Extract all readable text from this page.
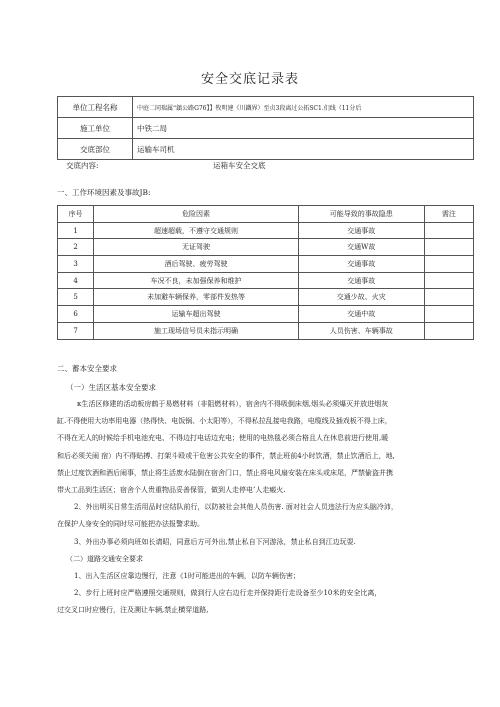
安全交底记录表
单位工程名称	中庭二同瑞属“鎮公路G76】】牧明建《川鐵界）至贞3段离过公拓SC1.们线（11分后
施工单位	中铁二局
交底部位	运输车司机
交底内容:	运箱车安全交底
一、工作环境因素及事故JB:
序号	危险因素	可能导致的事故隐患	需注
1	超速超载，不遵守交通规则	交通事故	
2	无证驾驶	交通W故	
3	酒后驾驶、疲劳驾驶	交通事故	
4	车况不良，未加强保养和维护	交通事故	
5	未加避车辆保养，零部件发热等	交通少故、火灾	
6	运输车超出驾驶	交通中故	
7	施工现场信号员未指示明确	人员伤害、车辆事故	
二、蓄本安全要求
（一）生活区基本安全要求
κ生活区修建的活动板房鹤于易燃材料（非阻燃材料），宿舍内不得吸倒床烟,烟头必须爆灭并放进烟灰
缸.不得使用大功率用电器（热得快、电饭锅、小太阳等），不得私拉乱接电我路，电缆线及插戏板不得上床，
不得在无人的时候给手机电池充电、不得边打电话边充电；使用的电热毯必须合格且人在休息前进行使用,暖
和后必须关闹 宿）内不得贴搏、打架斗殴或干危害公共安全的事件，禁止班前4小时饮酒，禁止饮酒后上，地,
禁止过度饮酒和酒后闹事，禁止将生活废水陆倒在宿舍门口，禁止将电风扇安装在床头或床尾，严禁偷盗并携
带火工品到生活区；宿舍个人贵重物品妥善保管，做到人走停电’人走瘢火.
2、外出明买日常生活用品时应结队前行，以防被社会其他人员伤害. 面对社会人员违法行为应头脑冷沛，
在保护人身安全的同时尽可能把办法报警求助。
3、外出办事必须向班如长请昭，同意后方可外出,禁止私自下河游泳，禁止私自到江边玩耍.
（二）道路交通安全要求
1、出入生活区应靠边慢行，注意《1时可能进出的车辆，以防车辆伤害；
2、步行上班时应严格遵照交通规则，做到行人应右边行走并保持距行走设备至少10米的安全比离，
过交叉口时应慢行，注及溯让车辆,禁止横穿道路,
